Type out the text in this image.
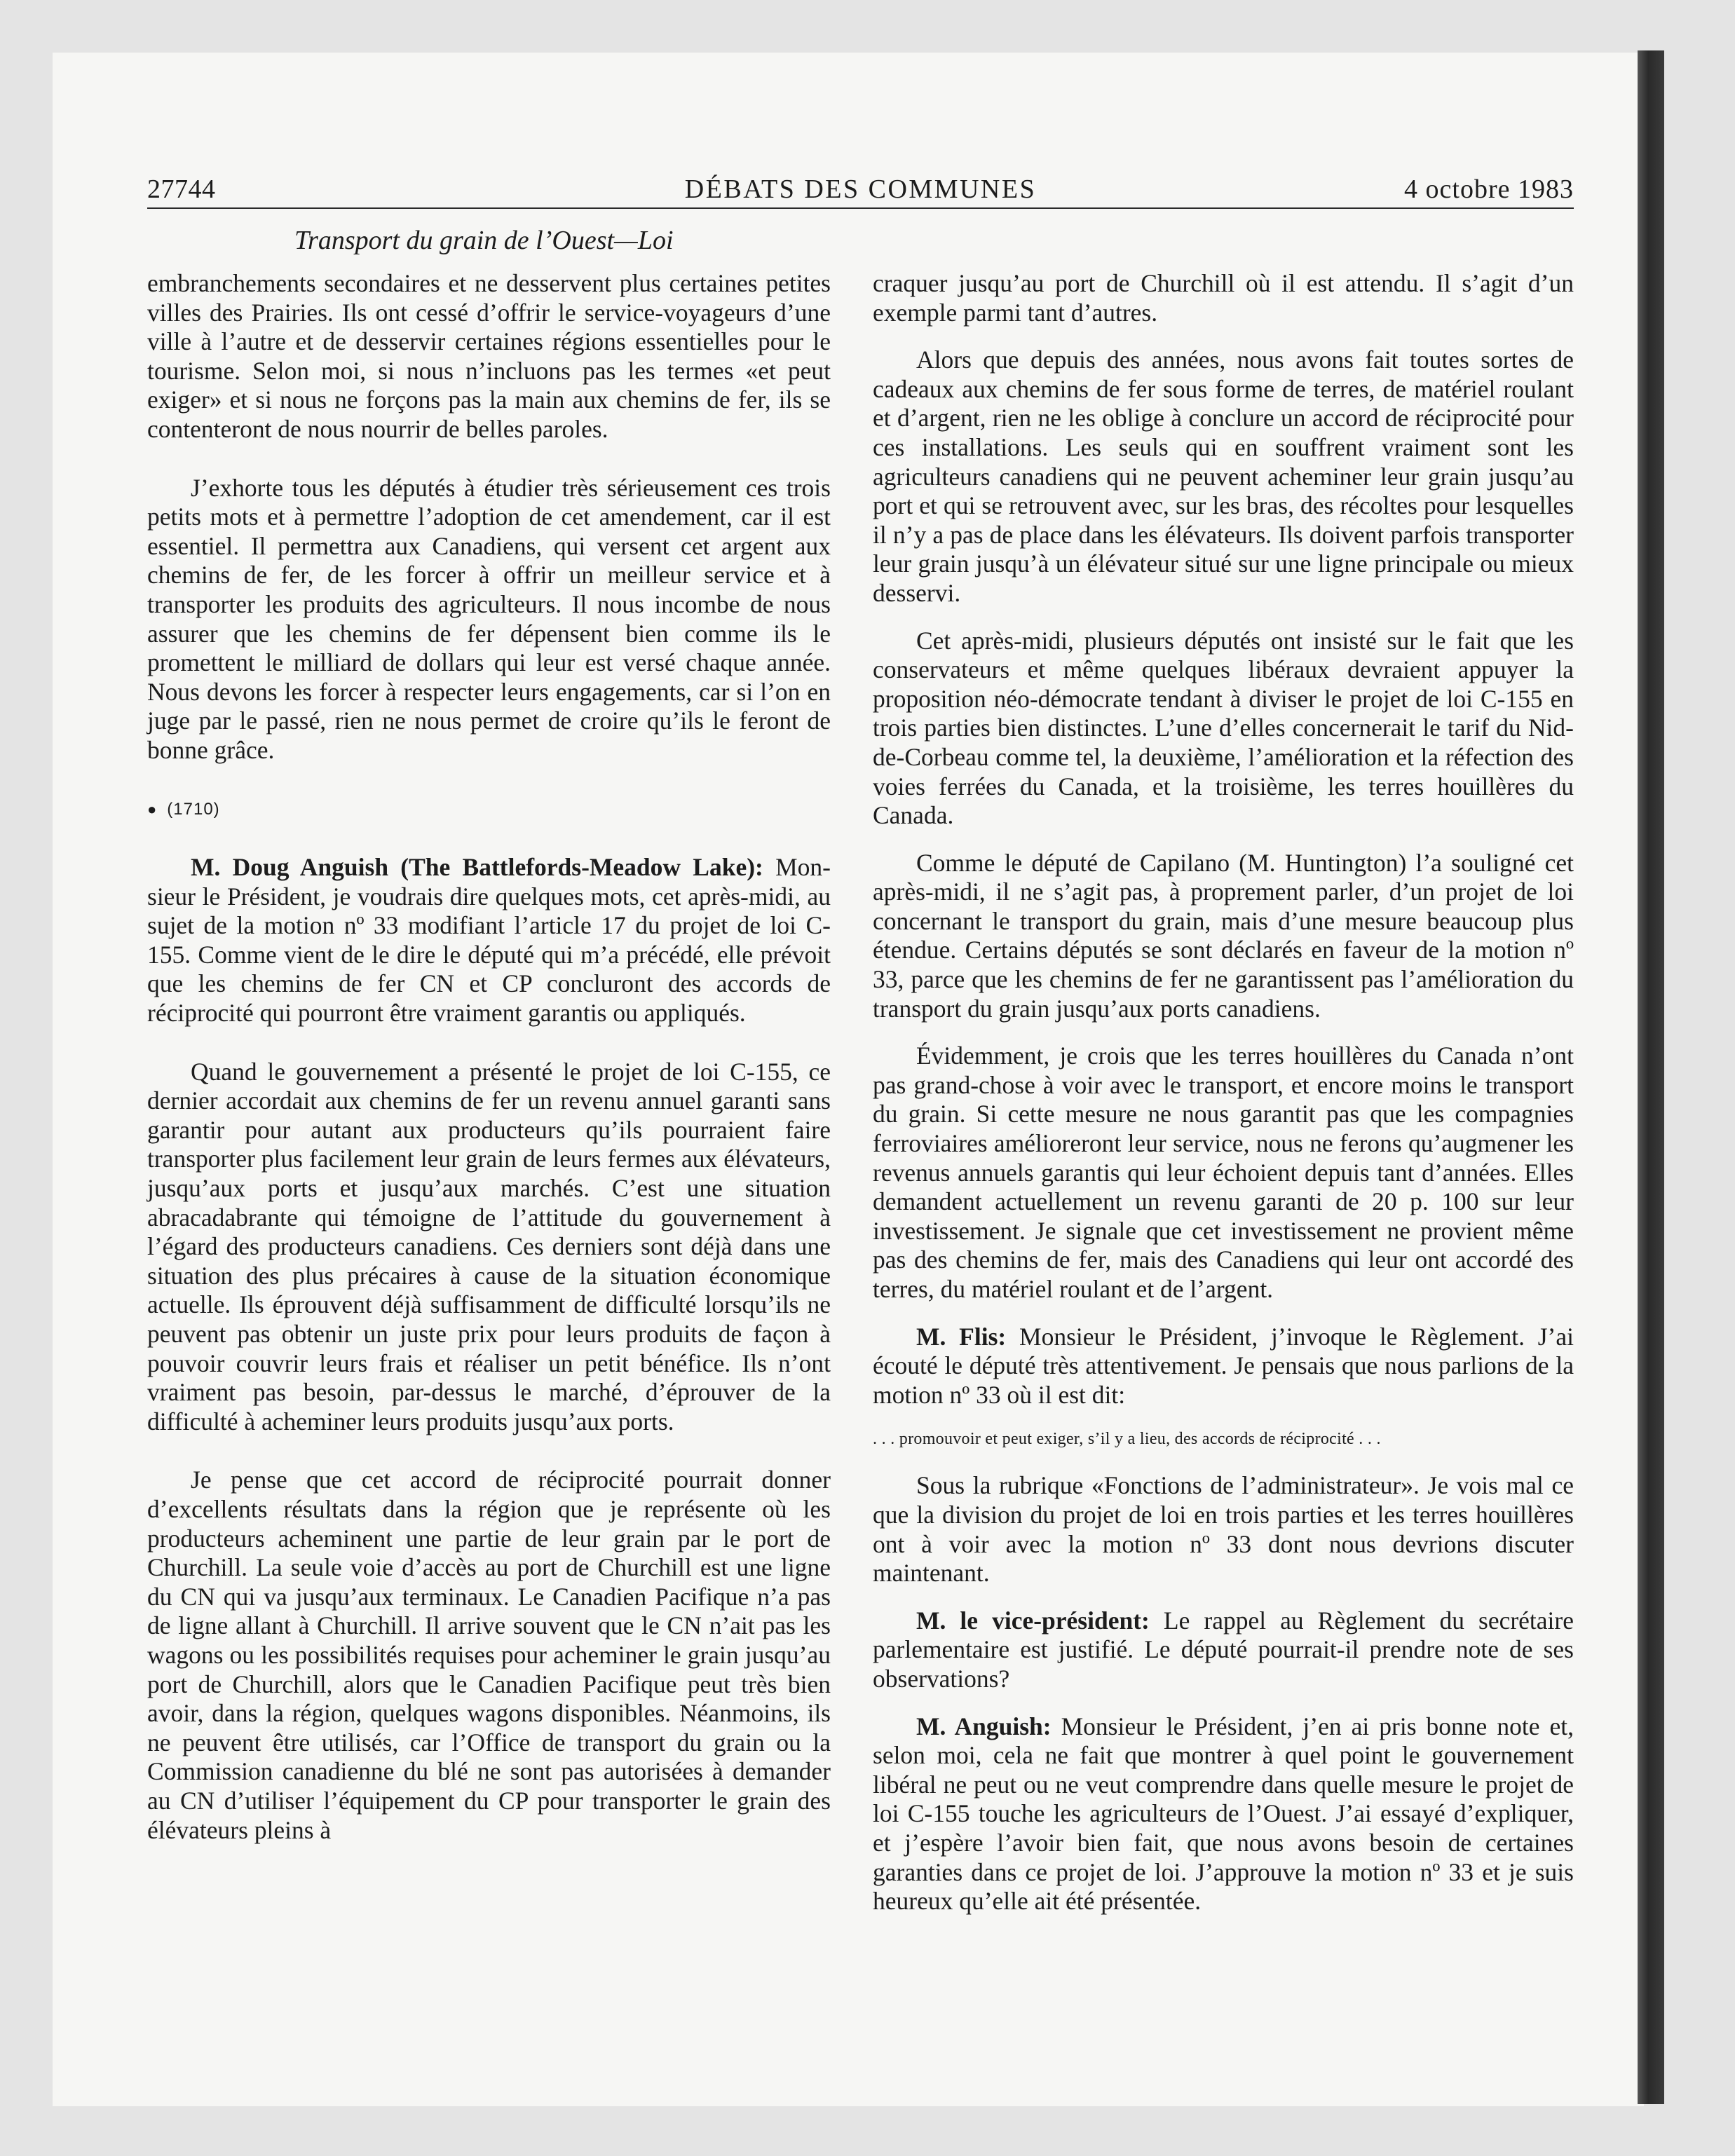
27744	DÉBATS DES COMMUNES	4 octobre 1983
Transport du grain de l’Ouest—Loi

embranchements secondaires et ne desservent plus certaines petites villes des Prairies. Ils ont cessé d’offrir le service-voyageurs d’une ville à l’autre et de desservir certaines régions essentielles pour le tourisme. Selon moi, si nous n’incluons pas les termes «et peut exiger» et si nous ne forçons pas la main aux chemins de fer, ils se contenteront de nous nourrir de belles paroles.

J’exhorte tous les députés à étudier très sérieusement ces trois petits mots et à permettre l’adoption de cet amendement, car il est essentiel. Il permettra aux Canadiens, qui versent cet argent aux chemins de fer, de les forcer à offrir un meilleur service et à transporter les produits des agriculteurs. Il nous incombe de nous assurer que les chemins de fer dépensent bien comme ils le promettent le milliard de dollars qui leur est versé chaque année. Nous devons les forcer à respecter leurs engagements, car si l’on en juge par le passé, rien ne nous permet de croire qu’ils le feront de bonne grâce.

● (1710)

M. Doug Anguish (The Battlefords-Meadow Lake): Monsieur le Président, je voudrais dire quelques mots, cet après-midi, au sujet de la motion nº 33 modifiant l’article 17 du projet de loi C-155. Comme vient de le dire le député qui m’a précédé, elle prévoit que les chemins de fer CN et CP concluront des accords de réciprocité qui pourront être vraiment garantis ou appliqués.

Quand le gouvernement a présenté le projet de loi C-155, ce dernier accordait aux chemins de fer un revenu annuel garanti sans garantir pour autant aux producteurs qu’ils pourraient faire transporter plus facilement leur grain de leurs fermes aux élévateurs, jusqu’aux ports et jusqu’aux marchés. C’est une situation abracadabrante qui témoigne de l’attitude du gouvernement à l’égard des producteurs canadiens. Ces derniers sont déjà dans une situation des plus précaires à cause de la situation économique actuelle. Ils éprouvent déjà suffisamment de difficulté lorsqu’ils ne peuvent pas obtenir un juste prix pour leurs produits de façon à pouvoir couvrir leurs frais et réaliser un petit bénéfice. Ils n’ont vraiment pas besoin, par-dessus le marché, d’éprouver de la difficulté à acheminer leurs produits jusqu’aux ports.

Je pense que cet accord de réciprocité pourrait donner d’excellents résultats dans la région que je représente où les producteurs acheminent une partie de leur grain par le port de Churchill. La seule voie d’accès au port de Churchill est une ligne du CN qui va jusqu’aux terminaux. Le Canadien Pacifique n’a pas de ligne allant à Churchill. Il arrive souvent que le CN n’ait pas les wagons ou les possibilités requises pour acheminer le grain jusqu’au port de Churchill, alors que le Canadien Pacifique peut très bien avoir, dans la région, quelques wagons disponibles. Néanmoins, ils ne peuvent être utilisés, car l’Office de transport du grain ou la Commission canadienne du blé ne sont pas autorisées à demander au CN d’utiliser l’équipement du CP pour transporter le grain des élévateurs pleins à

craquer jusqu’au port de Churchill où il est attendu. Il s’agit d’un exemple parmi tant d’autres.

Alors que depuis des années, nous avons fait toutes sortes de cadeaux aux chemins de fer sous forme de terres, de matériel roulant et d’argent, rien ne les oblige à conclure un accord de réciprocité pour ces installations. Les seuls qui en souffrent vraiment sont les agriculteurs canadiens qui ne peuvent acheminer leur grain jusqu’au port et qui se retrouvent avec, sur les bras, des récoltes pour lesquelles il n’y a pas de place dans les élévateurs. Ils doivent parfois transporter leur grain jusqu’à un élévateur situé sur une ligne principale ou mieux desservi.

Cet après-midi, plusieurs députés ont insisté sur le fait que les conservateurs et même quelques libéraux devraient appuyer la proposition néo-démocrate tendant à diviser le projet de loi C-155 en trois parties bien distinctes. L’une d’elles concernerait le tarif du Nid-de-Corbeau comme tel, la deuxième, l’amélioration et la réfection des voies ferrées du Canada, et la troisième, les terres houillères du Canada.

Comme le député de Capilano (M. Huntington) l’a souligné cet après-midi, il ne s’agit pas, à proprement parler, d’un projet de loi concernant le transport du grain, mais d’une mesure beaucoup plus étendue. Certains députés se sont déclarés en faveur de la motion nº 33, parce que les chemins de fer ne garantissent pas l’amélioration du transport du grain jusqu’aux ports canadiens.

Évidemment, je crois que les terres houillères du Canada n’ont pas grand-chose à voir avec le transport, et encore moins le transport du grain. Si cette mesure ne nous garantit pas que les compagnies ferroviaires amélioreront leur service, nous ne ferons qu’augmener les revenus annuels garantis qui leur échoient depuis tant d’années. Elles demandent actuellement un revenu garanti de 20 p. 100 sur leur investissement. Je signale que cet investissement ne provient même pas des chemins de fer, mais des Canadiens qui leur ont accordé des terres, du matériel roulant et de l’argent.

M. Flis: Monsieur le Président, j’invoque le Règlement. J’ai écouté le député très attentivement. Je pensais que nous parlions de la motion nº 33 où il est dit:

. . . promouvoir et peut exiger, s’il y a lieu, des accords de réciprocité . . .

Sous la rubrique «Fonctions de l’administrateur». Je vois mal ce que la division du projet de loi en trois parties et les terres houillères ont à voir avec la motion nº 33 dont nous devrions discuter maintenant.

M. le vice-président: Le rappel au Règlement du secrétaire parlementaire est justifié. Le député pourrait-il prendre note de ses observations?

M. Anguish: Monsieur le Président, j’en ai pris bonne note et, selon moi, cela ne fait que montrer à quel point le gouvernement libéral ne peut ou ne veut comprendre dans quelle mesure le projet de loi C-155 touche les agriculteurs de l’Ouest. J’ai essayé d’expliquer, et j’espère l’avoir bien fait, que nous avons besoin de certaines garanties dans ce projet de loi. J’approuve la motion nº 33 et je suis heureux qu’elle ait été présentée.
